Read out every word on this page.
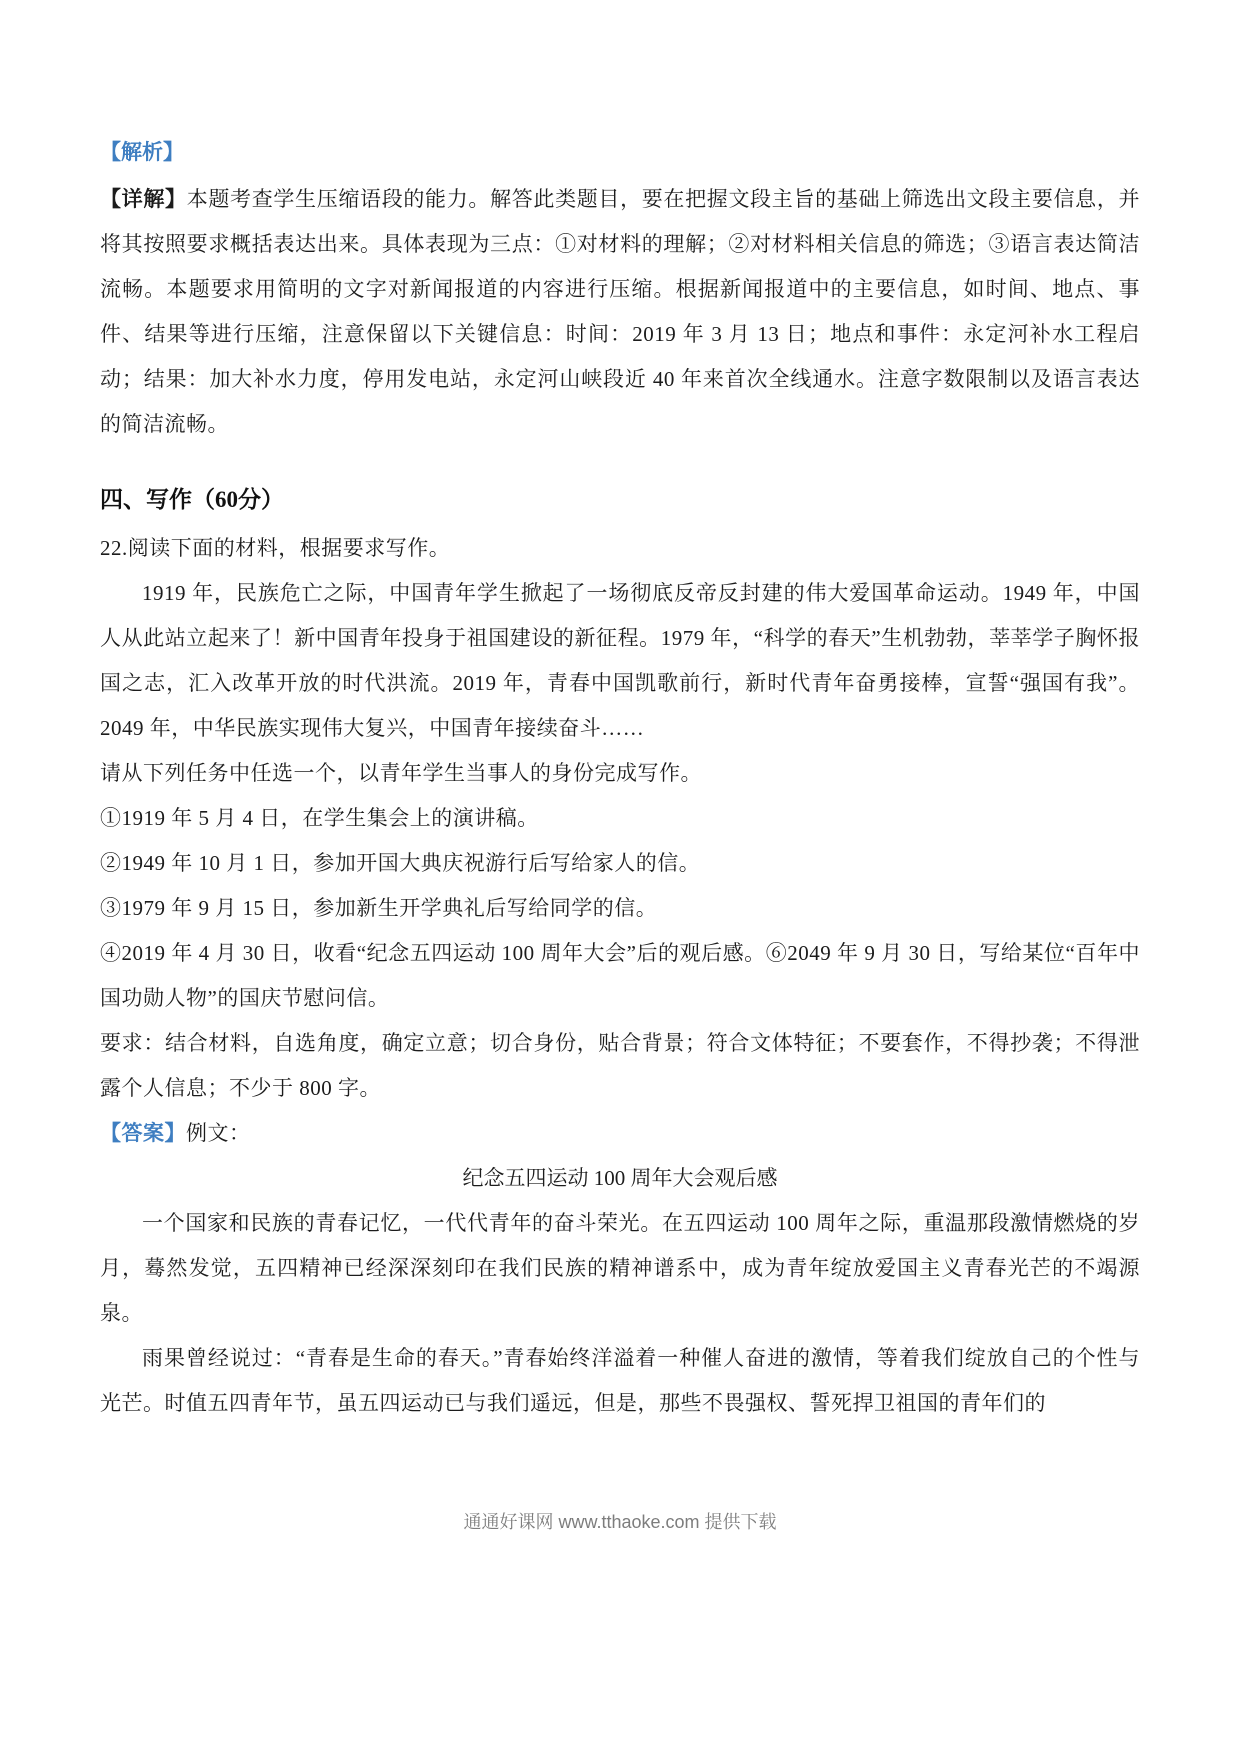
【解析】

【详解】本题考查学生压缩语段的能力。解答此类题目，要在把握文段主旨的基础上筛选出文段主要信息，并将其按照要求概括表达出来。具体表现为三点：①对材料的理解；②对材料相关信息的筛选；③语言表达简洁流畅。本题要求用简明的文字对新闻报道的内容进行压缩。根据新闻报道中的主要信息，如时间、地点、事件、结果等进行压缩，注意保留以下关键信息：时间：2019 年 3 月 13 日；地点和事件：永定河补水工程启动；结果：加大补水力度，停用发电站，永定河山峡段近 40 年来首次全线通水。注意字数限制以及语言表达的简洁流畅。

四、写作（60分）

22.阅读下面的材料，根据要求写作。

1919 年，民族危亡之际，中国青年学生掀起了一场彻底反帝反封建的伟大爱国革命运动。1949 年，中国人从此站立起来了！新中国青年投身于祖国建设的新征程。1979 年，“科学的春天”生机勃勃，莘莘学子胸怀报国之志，汇入改革开放的时代洪流。2019 年，青春中国凯歌前行，新时代青年奋勇接棒，宣誓“强国有我”。2049 年，中华民族实现伟大复兴，中国青年接续奋斗……

请从下列任务中任选一个，以青年学生当事人的身份完成写作。

①1919 年 5 月 4 日，在学生集会上的演讲稿。

②1949 年 10 月 1 日，参加开国大典庆祝游行后写给家人的信。

③1979 年 9 月 15 日，参加新生开学典礼后写给同学的信。

④2019 年 4 月 30 日，收看“纪念五四运动 100 周年大会”后的观后感。⑥2049 年 9 月 30 日，写给某位“百年中国功勋人物”的国庆节慰问信。

要求：结合材料，自选角度，确定立意；切合身份，贴合背景；符合文体特征；不要套作，不得抄袭；不得泄露个人信息；不少于 800 字。

【答案】例文：

纪念五四运动 100 周年大会观后感

一个国家和民族的青春记忆，一代代青年的奋斗荣光。在五四运动 100 周年之际，重温那段激情燃烧的岁月，蓦然发觉，五四精神已经深深刻印在我们民族的精神谱系中，成为青年绽放爱国主义青春光芒的不竭源泉。

雨果曾经说过：“青春是生命的春天。”青春始终洋溢着一种催人奋进的激情，等着我们绽放自己的个性与光芒。时值五四青年节，虽五四运动已与我们遥远，但是，那些不畏强权、誓死捍卫祖国的青年们的

通通好课网 www.tthaoke.com 提供下载
